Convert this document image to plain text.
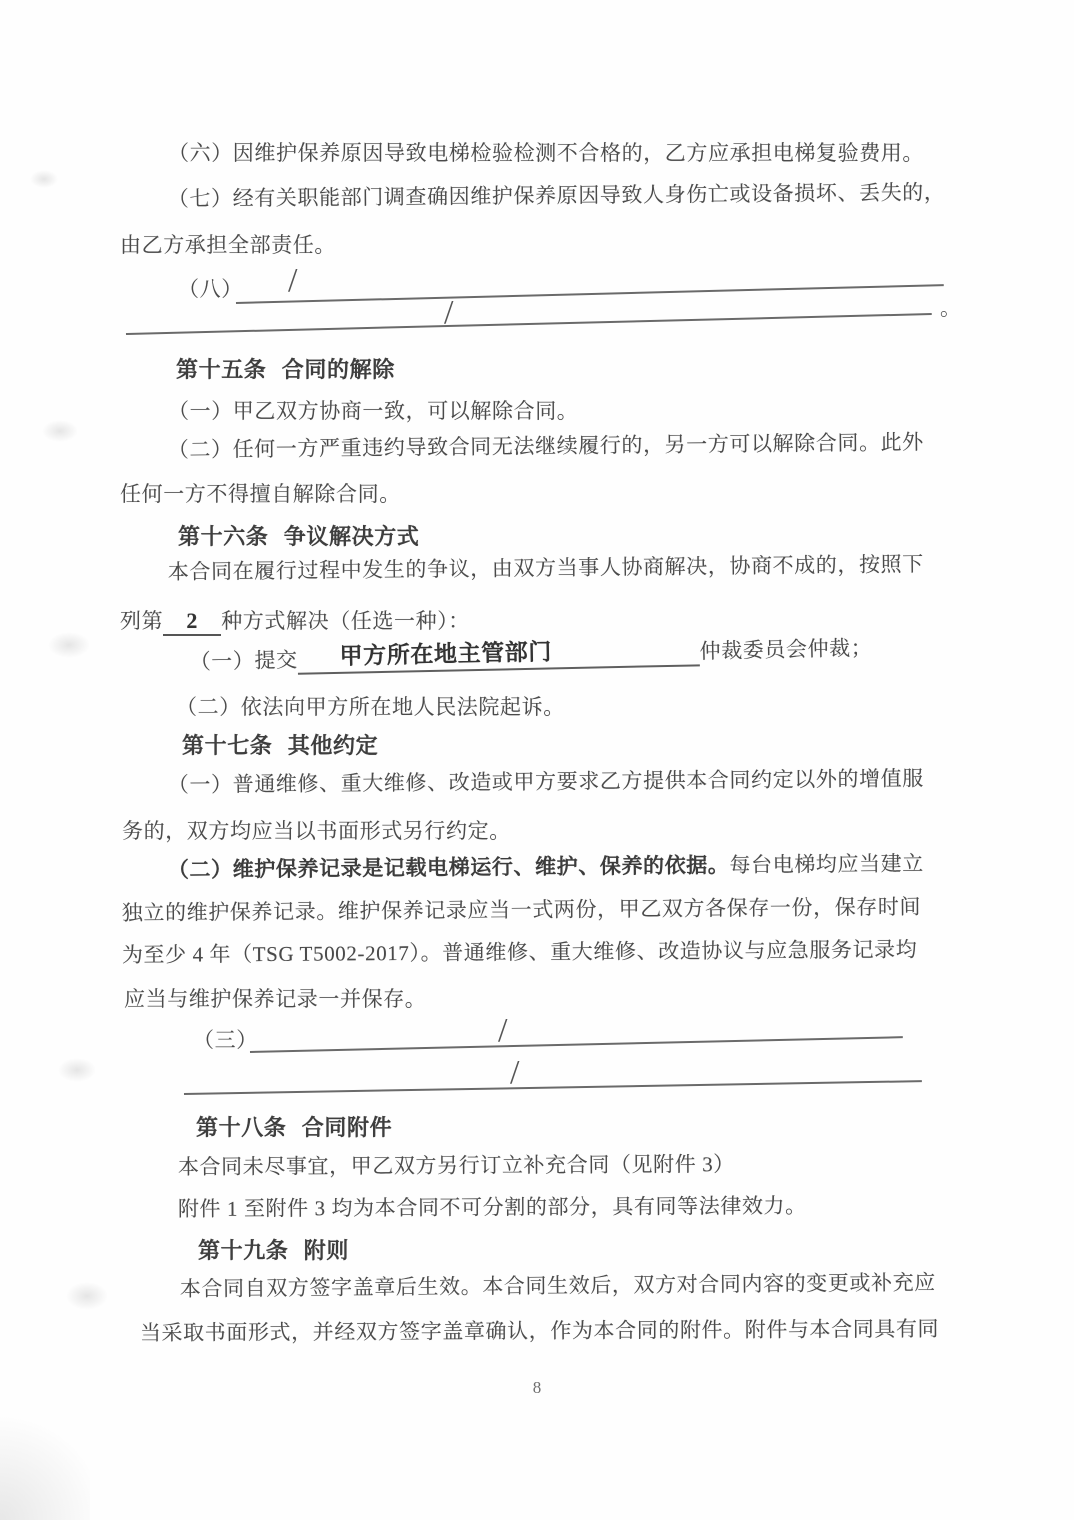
（六）因维护保养原因导致电梯检验检测不合格的，乙方应承担电梯复验费用。
（七）经有关职能部门调查确因维护保养原因导致人身伤亡或设备损坏、丢失的，
由乙方承担全部责任。
（八） /
/	。
第十五条 合同的解除
（一）甲乙双方协商一致，可以解除合同。
（二）任何一方严重违约导致合同无法继续履行的，另一方可以解除合同。此外
任何一方不得擅自解除合同。
第十六条 争议解决方式
本合同在履行过程中发生的争议，由双方当事人协商解决，协商不成的，按照下
列第 2 种方式解决（任选一种）：
（一）提交 甲方所在地主管部门	仲裁委员会仲裁；
（二）依法向甲方所在地人民法院起诉。
第十七条 其他约定
（一）普通维修、重大维修、改造或甲方要求乙方提供本合同约定以外的增值服
务的，双方均应当以书面形式另行约定。
（二）维护保养记录是记载电梯运行、维护、保养的依据。每台电梯均应当建立
独立的维护保养记录。维护保养记录应当一式两份，甲乙双方各保存一份，保存时间
为至少 4 年（TSG T5002-2017）。普通维修、重大维修、改造协议与应急服务记录均
应当与维护保养记录一并保存。
（三）	/
/
第十八条 合同附件
本合同未尽事宜，甲乙双方另行订立补充合同（见附件 3）
附件 1 至附件 3 均为本合同不可分割的部分，具有同等法律效力。
第十九条 附则
本合同自双方签字盖章后生效。本合同生效后，双方对合同内容的变更或补充应
当采取书面形式，并经双方签字盖章确认，作为本合同的附件。附件与本合同具有同
8
